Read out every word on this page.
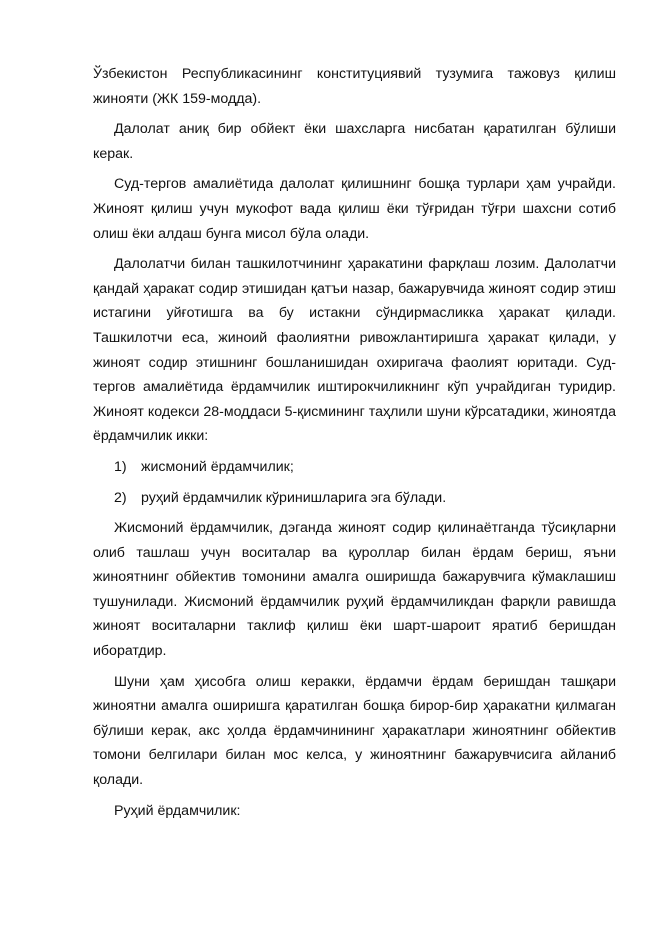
Ўзбекистон Республикасининг конституциявий тузумига тажовуз қилиш жинояти (ЖК 159-модда).

Далолат аниқ бир обйект ёки шахсларга нисбатан қаратилган бўлиши керак.

Суд-тергов амалиётида далолат қилишнинг бошқа турлари ҳам учрайди. Жиноят қилиш учун мукофот вада қилиш ёки тўғридан тўғри шахсни сотиб олиш ёки алдаш бунга мисол бўла олади.

Далолатчи билан ташкилотчининг ҳаракатини фарқлаш лозим. Далолатчи қандай ҳаракат содир этишидан қатъи назар, бажарувчида жиноят содир этиш истагини уйғотишга ва бу истакни сўндирмасликка ҳаракат қилади. Ташкилотчи еса, жиноий фаолиятни ривожлантиришга ҳаракат қилади, у жиноят содир этишнинг бошланишидан охиригача фаолият юритади. Суд-тергов амалиётида ёрдамчилик иштирокчиликнинг кўп учрайдиган туридир. Жиноят кодекси 28-моддаси 5-қисмининг таҳлили шуни кўрсатадики, жиноятда ёрдамчилик икки:

1)	жисмоний ёрдамчилик;
2)	руҳий ёрдамчилик кўринишларига эга бўлади.

Жисмоний ёрдамчилик, дэганда жиноят содир қилинаётганда тўсиқларни олиб ташлаш учун воситалар ва қуроллар билан ёрдам бериш, яъни жиноятнинг обйектив томонини амалга оширишда бажарувчига кўмаклашиш тушунилади. Жисмоний ёрдамчилик руҳий ёрдамчиликдан фарқли равишда жиноят воситаларни таклиф қилиш ёки шарт-шароит яратиб беришдан иборатдир.

Шуни ҳам ҳисобга олиш керакки, ёрдамчи ёрдам беришдан ташқари жиноятни амалга оширишга қаратилган бошқа бирор-бир ҳаракатни қилмаган бўлиши керак, акс ҳолда ёрдамчинининг ҳаракатлари жиноятнинг обйектив томони белгилари билан мос келса, у жиноятнинг бажарувчисига айланиб қолади.

Руҳий ёрдамчилик:
